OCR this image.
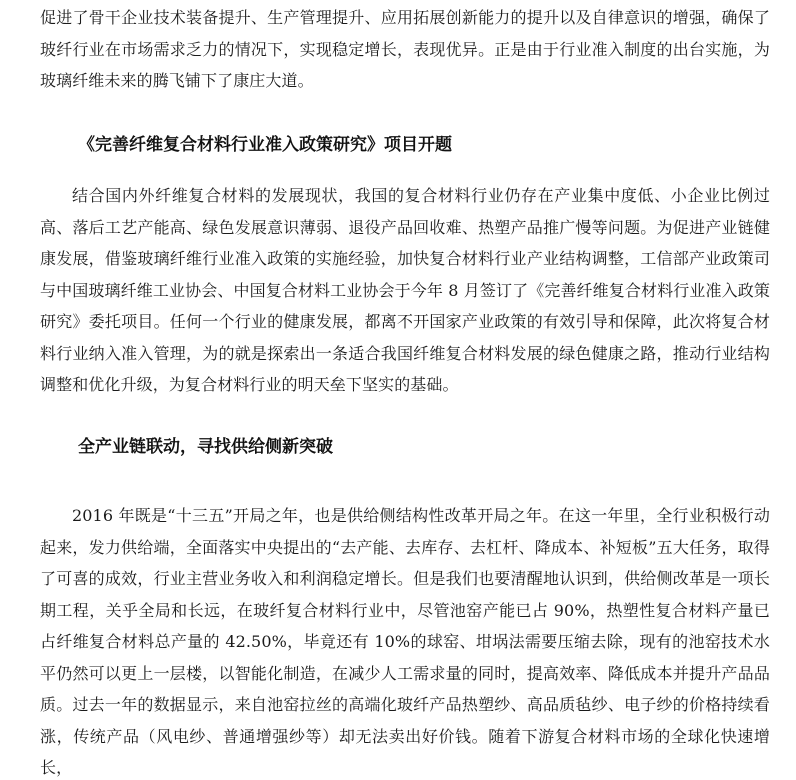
促进了骨干企业技术装备提升、生产管理提升、应用拓展创新能力的提升以及自律意识的增强，确保了玻纤行业在市场需求乏力的情况下，实现稳定增长，表现优异。正是由于行业准入制度的出台实施，为玻璃纤维未来的腾飞铺下了康庄大道。

《完善纤维复合材料行业准入政策研究》项目开题

结合国内外纤维复合材料的发展现状，我国的复合材料行业仍存在产业集中度低、小企业比例过高、落后工艺产能高、绿色发展意识薄弱、退役产品回收难、热塑产品推广慢等问题。为促进产业链健康发展，借鉴玻璃纤维行业准入政策的实施经验，加快复合材料行业产业结构调整，工信部产业政策司与中国玻璃纤维工业协会、中国复合材料工业协会于今年 8 月签订了《完善纤维复合材料行业准入政策研究》委托项目。任何一个行业的健康发展，都离不开国家产业政策的有效引导和保障，此次将复合材料行业纳入准入管理，为的就是探索出一条适合我国纤维复合材料发展的绿色健康之路，推动行业结构调整和优化升级，为复合材料行业的明天垒下坚实的基础。

全产业链联动，寻找供给侧新突破

2016 年既是“十三五”开局之年，也是供给侧结构性改革开局之年。在这一年里，全行业积极行动起来，发力供给端，全面落实中央提出的“去产能、去库存、去杠杆、降成本、补短板”五大任务，取得了可喜的成效，行业主营业务收入和利润稳定增长。但是我们也要清醒地认识到，供给侧改革是一项长期工程，关乎全局和长远，在玻纤复合材料行业中，尽管池窑产能已占 90%，热塑性复合材料产量已占纤维复合材料总产量的 42.50%，毕竟还有 10%的球窑、坩埚法需要压缩去除，现有的池窑技术水平仍然可以更上一层楼，以智能化制造，在减少人工需求量的同时，提高效率、降低成本并提升产品品质。过去一年的数据显示，来自池窑拉丝的高端化玻纤产品热塑纱、高品质毡纱、电子纱的价格持续看涨，传统产品（风电纱、普通增强纱等）却无法卖出好价钱。随着下游复合材料市场的全球化快速增长，
